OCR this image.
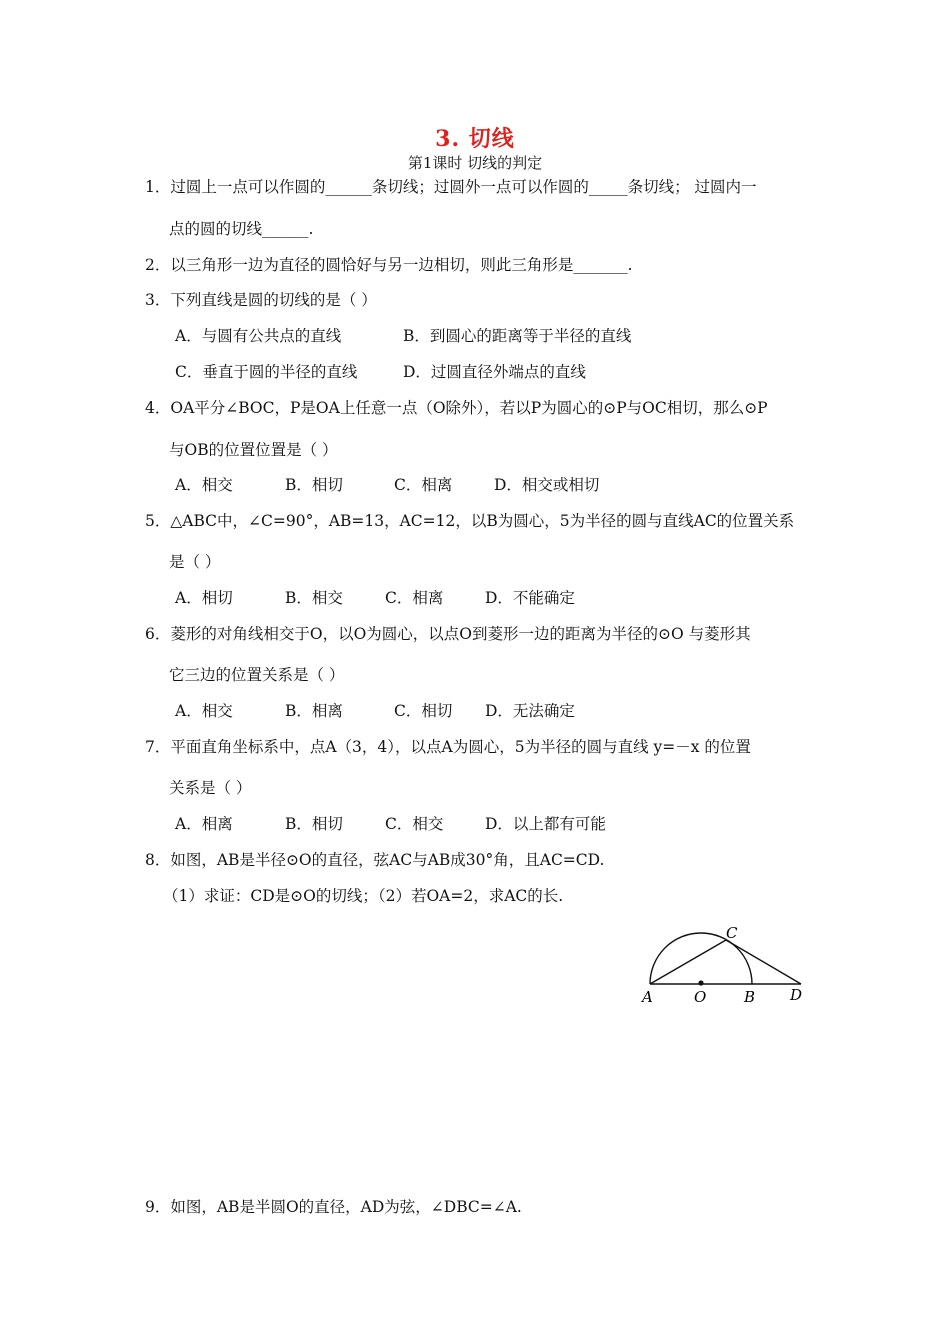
3. 切线
第1课时 切线的判定
1．过圆上一点可以作圆的______条切线；过圆外一点可以作圆的_____条切线； 过圆内一
点的圆的切线______.
2．以三角形一边为直径的圆恰好与另一边相切，则此三角形是_______.
3．下列直线是圆的切线的是（ ）
A．与圆有公共点的直线	B．到圆心的距离等于半径的直线
C．垂直于圆的半径的直线	D．过圆直径外端点的直线
4．OA平分∠BOC，P是OA上任意一点（O除外），若以P为圆心的⊙P与OC相切，那么⊙P
与OB的位置位置是（ ）
A．相交	B．相切	C．相离	D．相交或相切
5．△ABC中，∠C=90°，AB=13，AC=12，以B为圆心，5为半径的圆与直线AC的位置关系
是（ ）
A．相切	B．相交	C．相离	D．不能确定
6．菱形的对角线相交于O，以O为圆心，以点O到菱形一边的距离为半径的⊙O 与菱形其
它三边的位置关系是（ ）
A．相交	B．相离	C．相切 D．无法确定
7．平面直角坐标系中，点A（3，4），以点A为圆心，5为半径的圆与直线 y=－x 的位置
关系是（ ）
A．相离	B．相切	C．相交	D．以上都有可能
8．如图，AB是半径⊙O的直径，弦AC与AB成30°角，且AC=CD.
（1）求证：CD是⊙O的切线；（2）若OA=2，求AC的长.
A	O	B
C
D
9．如图，AB是半圆O的直径，AD为弦，∠DBC=∠A.
